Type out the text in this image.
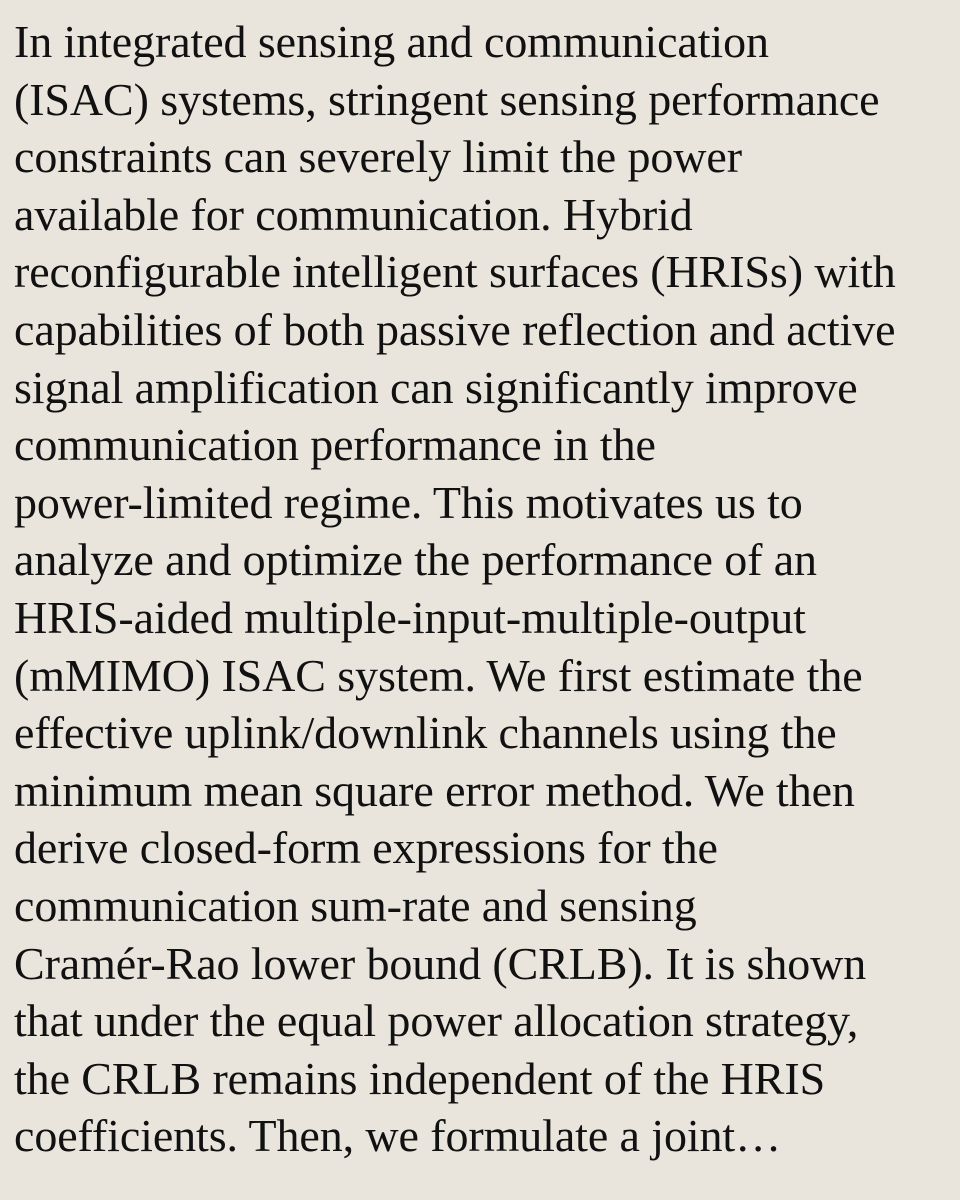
In integrated sensing and communication
(ISAC) systems, stringent sensing performance
constraints can severely limit the power
available for communication. Hybrid
reconfigurable intelligent surfaces (HRISs) with
capabilities of both passive reflection and active
signal amplification can significantly improve
communication performance in the
power-limited regime. This motivates us to
analyze and optimize the performance of an
HRIS-aided multiple-input-multiple-output
(mMIMO) ISAC system. We first estimate the
effective uplink/downlink channels using the
minimum mean square error method. We then
derive closed-form expressions for the
communication sum-rate and sensing
Cramér-Rao lower bound (CRLB). It is shown
that under the equal power allocation strategy,
the CRLB remains independent of the HRIS
coefficients. Then, we formulate a joint…
